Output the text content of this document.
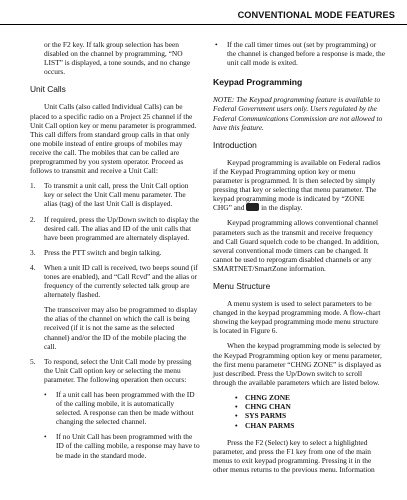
CONVENTIONAL MODE FEATURES

or the F2 key. If talk group selection has been disabled on the channel by programming, “NO LIST” is displayed, a tone sounds, and no change occurs.

Unit Calls

Unit Calls (also called Individual Calls) can be placed to a specific radio on a Project 25 channel if the Unit Call option key or menu parameter is programmed. This call differs from standard group calls in that only one mobile instead of entire groups of mobiles may receive the call. The mobiles that can be called are preprogrammed by you system operator. Proceed as follows to transmit and receive a Unit Call:

1.	To transmit a unit call, press the Unit Call option key or select the Unit Call menu parameter. The alias (tag) of the last Unit Call is displayed.
2.	If required, press the Up/Down switch to display the desired call. The alias and ID of the unit calls that have been programmed are alternately displayed.
3.	Press the PTT switch and begin talking.
4.	When a unit ID call is received, two beeps sound (if tones are enabled), and “Call Rcvd” and the alias or frequency of the currently selected talk group are alternately flashed.

The transceiver may also be programmed to display the alias of the channel on which the call is being received (if it is not the same as the selected channel) and/or the ID of the mobile placing the call.

5.	To respond, select the Unit Call mode by pressing the Unit Call option key or selecting the menu parameter. The following operation then occurs:
•	If a unit call has been programmed with the ID of the calling mobile, it is automatically selected. A response can then be made without changing the selected channel.
•	If no Unit Call has been programmed with the ID of the calling mobile, a response may have to be made in the standard mode.
•	If the call timer times out (set by programming) or the channel is changed before a response is made, the unit call mode is exited.
Keypad Programming

NOTE: The Keypad programming feature is available to Federal Government users only. Users regulated by the Federal Communications Commission are not allowed to have this feature.

Introduction

Keypad programming is available on Federal radios if the Keypad Programming option key or menu parameter is programmed. It is then selected by simply pressing that key or selecting that menu parameter. The keypad programming mode is indicated by “ZONE CHG” and in the display.

Keypad programming allows conventional channel parameters such as the transmit and receive frequency and Call Guard squelch code to be changed. In addition, several conventional mode timers can be changed. It cannot be used to reprogram disabled channels or any SMARTNET/SmartZone information.

Menu Structure

A menu system is used to select parameters to be changed in the keypad programming mode. A flow-chart showing the keypad programming mode menu structure is located in Figure 6.

When the keypad programming mode is selected by the Keypad Programming option key or menu parameter, the first menu parameter “CHNG ZONE” is displayed as just described. Press the Up/Down switch to scroll through the available parameters which are listed below.

•	CHNG ZONE
•	CHNG CHAN
•	SYS PARMS
•	CHAN PARMS

Press the F2 (Select) key to select a highlighted parameter, and press the F1 key from one of the main menus to exit keypad programming. Pressing it in the other menus returns to the previous menu. Information
